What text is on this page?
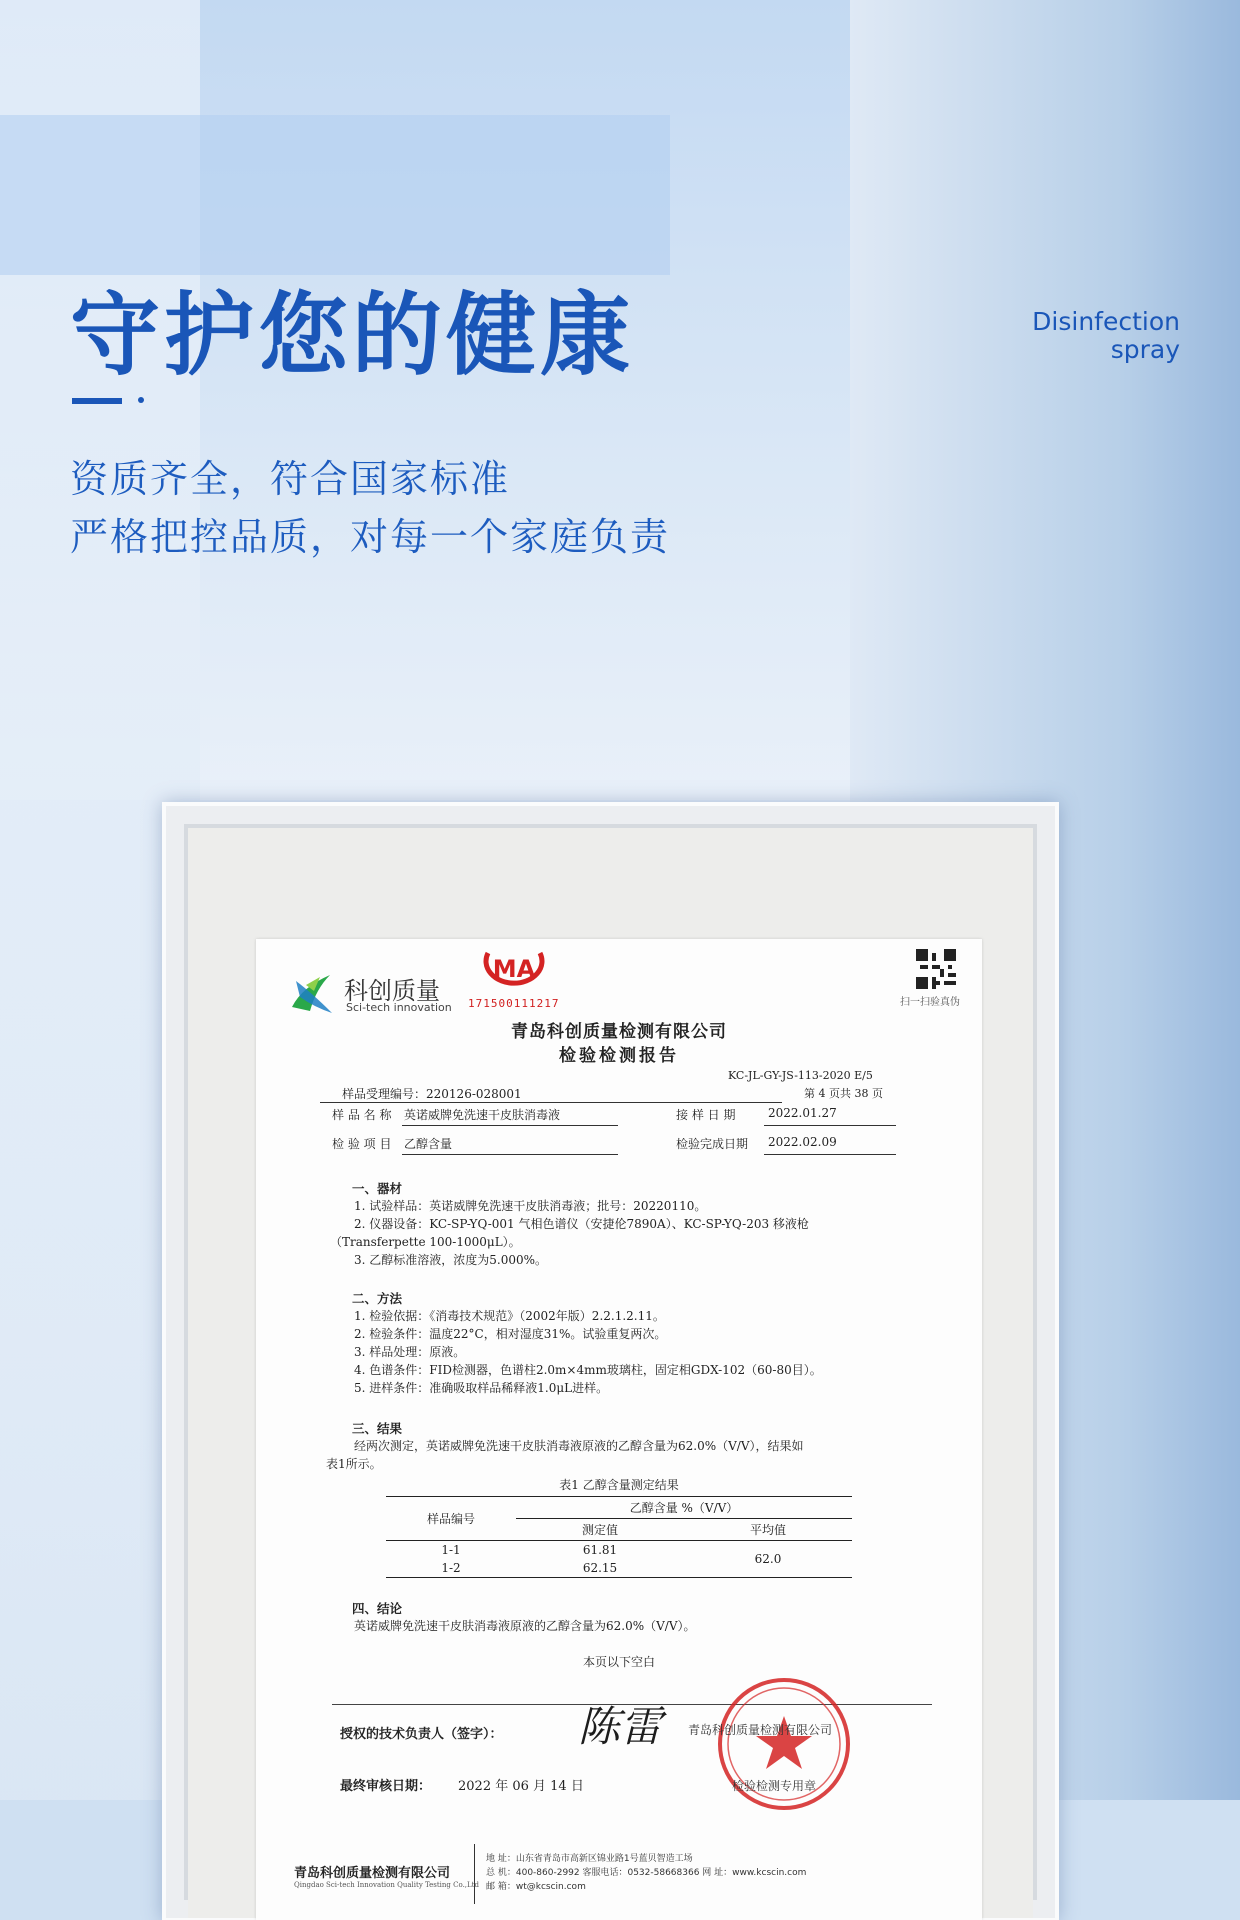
守护您的健康
资质齐全，符合国家标准
严格把控品质，对每一个家庭负责
Disinfection
spray
科创质量
Sci-tech innovation
MA
171500111217	扫一扫验真伪
青岛科创质量检测有限公司
检验检测报告
KC-JL-GY-JS-113-2020 E/5
第 4 页共 38 页
样品受理编号：220126-028001
样 品 名 称 英诺威牌免洗速干皮肤消毒液	接 样 日 期	2022.01.27
检 验 项 目 乙醇含量	检验完成日期 2022.02.09
一、器材
1. 试验样品：英诺威牌免洗速干皮肤消毒液；批号：20220110。
2. 仪器设备：KC-SP-YQ-001 气相色谱仪（安捷伦7890A）、KC-SP-YQ-203 移液枪
（Transferpette 100-1000μL）。
3. 乙醇标准溶液，浓度为5.000%。
二、方法
1. 检验依据：《消毒技术规范》（2002年版）2.2.1.2.11。
2. 检验条件：温度22°C，相对湿度31%。试验重复两次。
3. 样品处理：原液。
4. 色谱条件：FID检测器，色谱柱2.0m×4mm玻璃柱，固定相GDX-102（60-80目）。
5. 进样条件：准确吸取样品稀释液1.0μL进样。
三、结果
经两次测定，英诺威牌免洗速干皮肤消毒液原液的乙醇含量为62.0%（V/V），结果如
表1所示。
表1 乙醇含量测定结果
样品编号	乙醇含量 %（V/V）	
	测定值	平均值
1-1	61.81	62.0
1-2	62.15	
四、结论
英诺威牌免洗速干皮肤消毒液原液的乙醇含量为62.0%（V/V）。
本页以下空白
授权的技术负责人（签字）： 陈雷 青岛科创质量检测有限公司
最终审核日期： 2022 年 06 月 14 日	检验检测专用章
青岛科创质量检测有限公司
Qingdao Sci-tech Innovation Quality Testing Co.,Ltd
地 址：山东省青岛市高新区锦业路1号蓝贝智造工场
总 机：400-860-2992 客服电话：0532-58668366 网 址：www.kcscin.com
邮 箱：wt@kcscin.com
